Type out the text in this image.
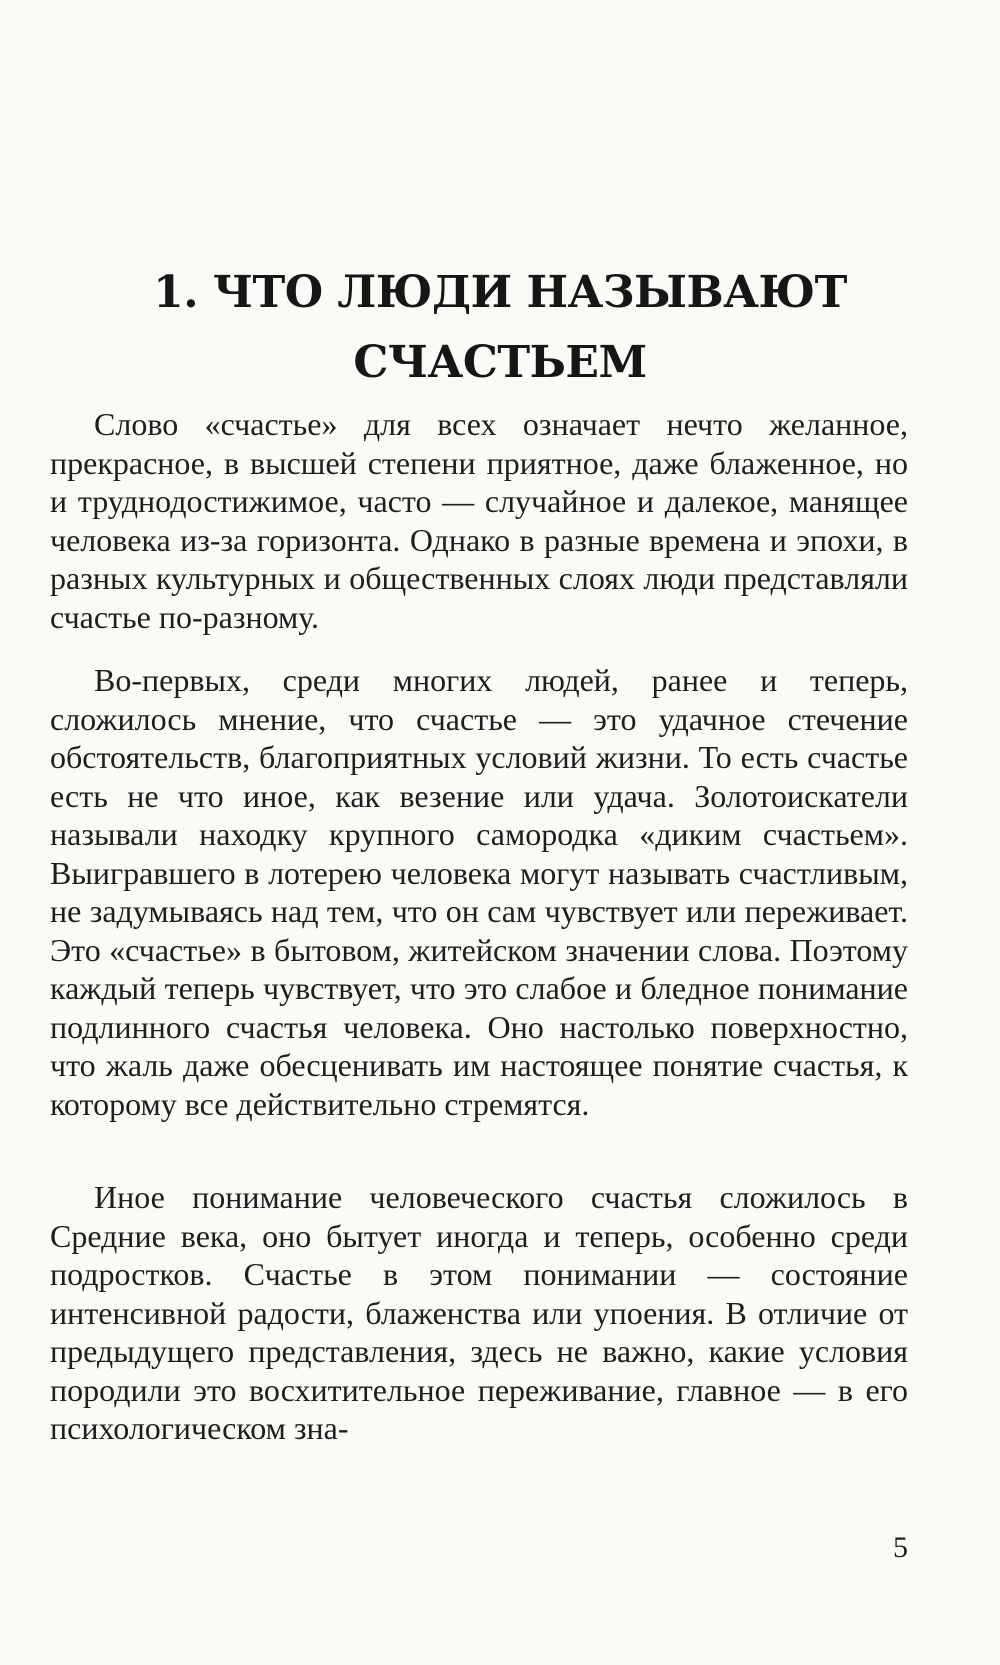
1. ЧТО ЛЮДИ НАЗЫВАЮТ
СЧАСТЬЕМ

Слово «счастье» для всех означает нечто желанное, прекрасное, в высшей степени приятное, даже блаженное, но и труднодостижимое, часто — случайное и далекое, манящее человека из-за горизонта. Однако в разные времена и эпохи, в разных культурных и общественных слоях люди представляли счастье по-разному.

Во-первых, среди многих людей, ранее и теперь, сложилось мнение, что счастье — это удачное стечение обстоятельств, благоприятных условий жизни. То есть счастье есть не что иное, как везение или удача. Золотоискатели называли находку крупного самородка «диким счастьем». Выигравшего в лотерею человека могут называть счастливым, не задумываясь над тем, что он сам чувствует или переживает. Это «счастье» в бытовом, житейском значении слова. Поэтому каждый теперь чувствует, что это слабое и бледное понимание подлинного счастья человека. Оно настолько поверхностно, что жаль даже обесценивать им настоящее понятие счастья, к которому все действительно стремятся.

Иное понимание человеческого счастья сложилось в Средние века, оно бытует иногда и теперь, особенно среди подростков. Счастье в этом понимании — состояние интенсивной радости, блаженства или упоения. В отличие от предыдущего представления, здесь не важно, какие условия породили это восхитительное переживание, главное — в его психологическом зна-

5
